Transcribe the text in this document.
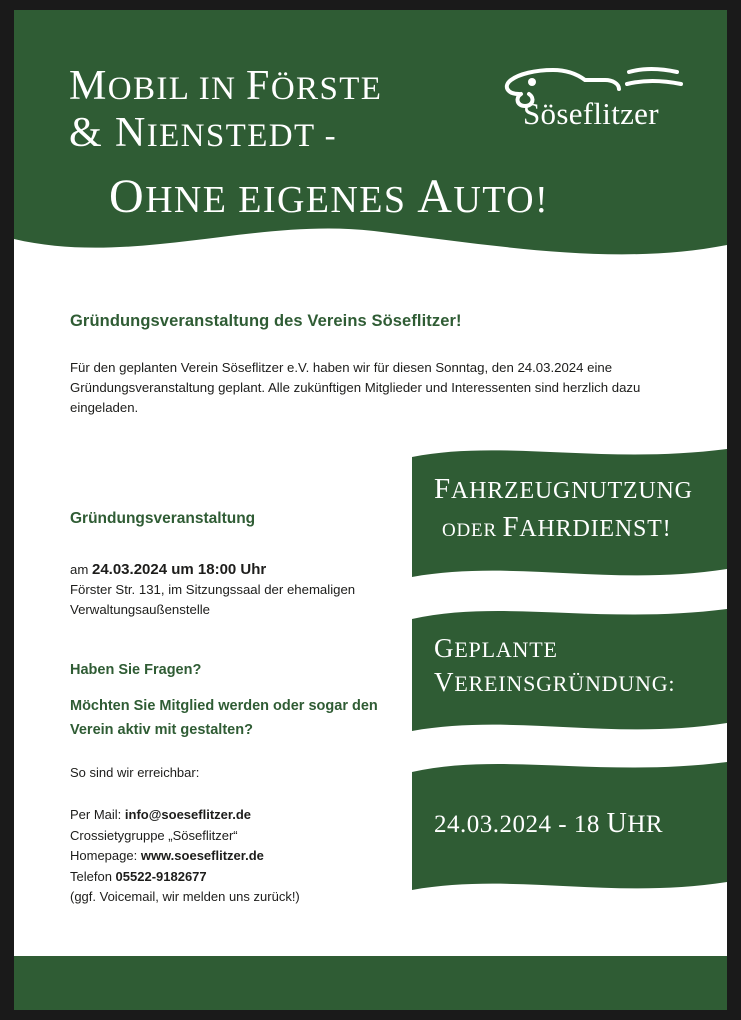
MOBIL IN FÖRSTE
& NIENSTEDT -
OHNE EIGENES AUTO!
Söseflitzer
Gründungsveranstaltung des Vereins Söseflitzer!
Für den geplanten Verein Söseflitzer e.V. haben wir für diesen Sonntag, den 24.03.2024 eine Gründungsveranstaltung geplant. Alle zukünftigen Mitglieder und Interessenten sind herzlich dazu eingeladen.
Gründungsveranstaltung
am 24.03.2024 um 18:00 Uhr
Förster Str. 131, im Sitzungssaal der ehemaligen
Verwaltungsaußenstelle
Haben Sie Fragen?
Möchten Sie Mitglied werden oder sogar den Verein aktiv mit gestalten?
So sind wir erreichbar:
Per Mail: info@soeseflitzer.de
Crossietygruppe „Söseflitzer“
Homepage: www.soeseflitzer.de
Telefon 05522-9182677
(ggf. Voicemail, wir melden uns zurück!)
FAHRZEUGNUTZUNG
ODER FAHRDIENST!
GEPLANTE
VEREINSGRÜNDUNG:
24.03.2024 - 18 UHR
